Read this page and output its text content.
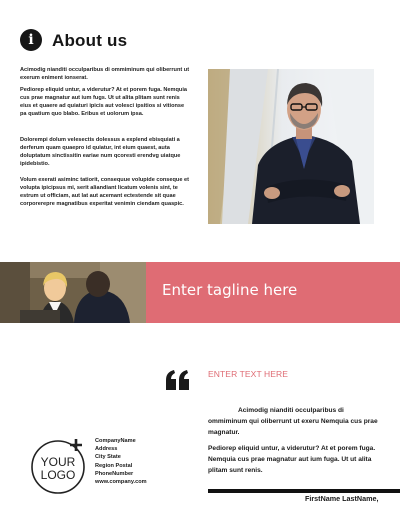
i	About us

Acimodig nianditi occulparibus di ommiminum qui oliberrunt ut exerum eniment ionserat.

Pediorep eliquid untur, a viderutur? At et porem fuga. Nemquia cus prae magnatur aut ium fugs. Ut ut alita plitam sunt renis eius et quaere ad quiaturi ipicis aut volesci ipsitios si vitionse pa quatium quo blabo. Eribus et uolorum ipsa.

Dolorempi dolum velesectis dolessus a explend ebisquiati a derferum quam quaepro id quiatur, int eium quaest, auta doluptatum sinctissitin eariae num qcoresti erendvg uiatque ipidebistio.

Volum exerati asiminc tatiorit, consequue volupide conseque et volupta ipicipsus mi, serit aliandiant licatum volenis sint, te estrum ut officiam, aut lat aut acemant ectestende sit quae corporerepre magnatibus experitat venimin ciendam quaspic.

Enter tagline here
ENTER TEXT HERE

Acimodig nianditi occulparibus di ommiminum qui oliberrunt ut exeru Nemquia cus prae magnatur.

Pediorep eliquid untur, a viderutur? At et porem fuga. Nemquia cus prae magnatur aut ium fuga. Ut ut alita plitam sunt renis.

FirstName LastName,
YOUR
LOGO
CompanyName
Address
City State
Region Postal
PhoneNumber
www.company.com
